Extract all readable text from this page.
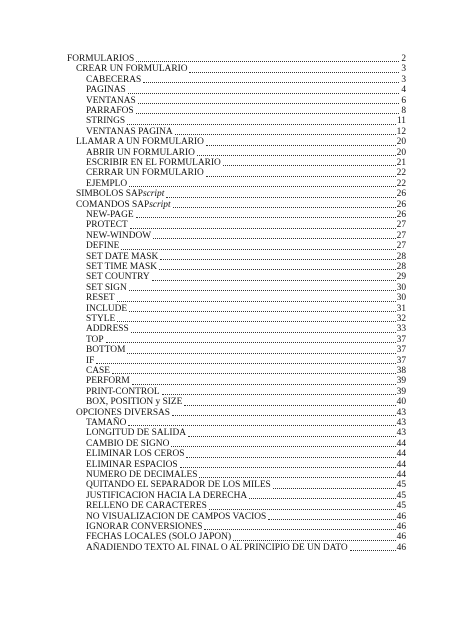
FORMULARIOS	2
CREAR UN FORMULARIO	3
CABECERAS	3
PAGINAS	4
VENTANAS	6
PARRAFOS	8
STRINGS	11
VENTANAS PAGINA	12
LLAMAR A UN FORMULARIO	20
ABRIR UN FORMULARIO	20
ESCRIBIR EN EL FORMULARIO	21
CERRAR UN FORMULARIO	22
EJEMPLO	22
SIMBOLOS SAPscript	26
COMANDOS SAPscript	26
NEW-PAGE	26
PROTECT	27
NEW-WINDOW	27
DEFINE	27
SET DATE MASK	28
SET TIME MASK	28
SET COUNTRY	29
SET SIGN	30
RESET	30
INCLUDE	31
STYLE	32
ADDRESS	33
TOP	37
BOTTOM	37
IF	37
CASE	38
PERFORM	39
PRINT-CONTROL	39
BOX, POSITION y SIZE	40
OPCIONES DIVERSAS	43
TAMAÑO	43
LONGITUD DE SALIDA	43
CAMBIO DE SIGNO	44
ELIMINAR LOS CEROS	44
ELIMINAR ESPACIOS	44
NUMERO DE DECIMALES	44
QUITANDO EL SEPARADOR DE LOS MILES	45
JUSTIFICACION HACIA LA DERECHA	45
RELLENO DE CARACTERES	45
NO VISUALIZACION DE CAMPOS VACIOS	46
IGNORAR CONVERSIONES	46
FECHAS LOCALES (SOLO JAPON)	46
AÑADIENDO TEXTO AL FINAL O AL PRINCIPIO DE UN DATO	46
